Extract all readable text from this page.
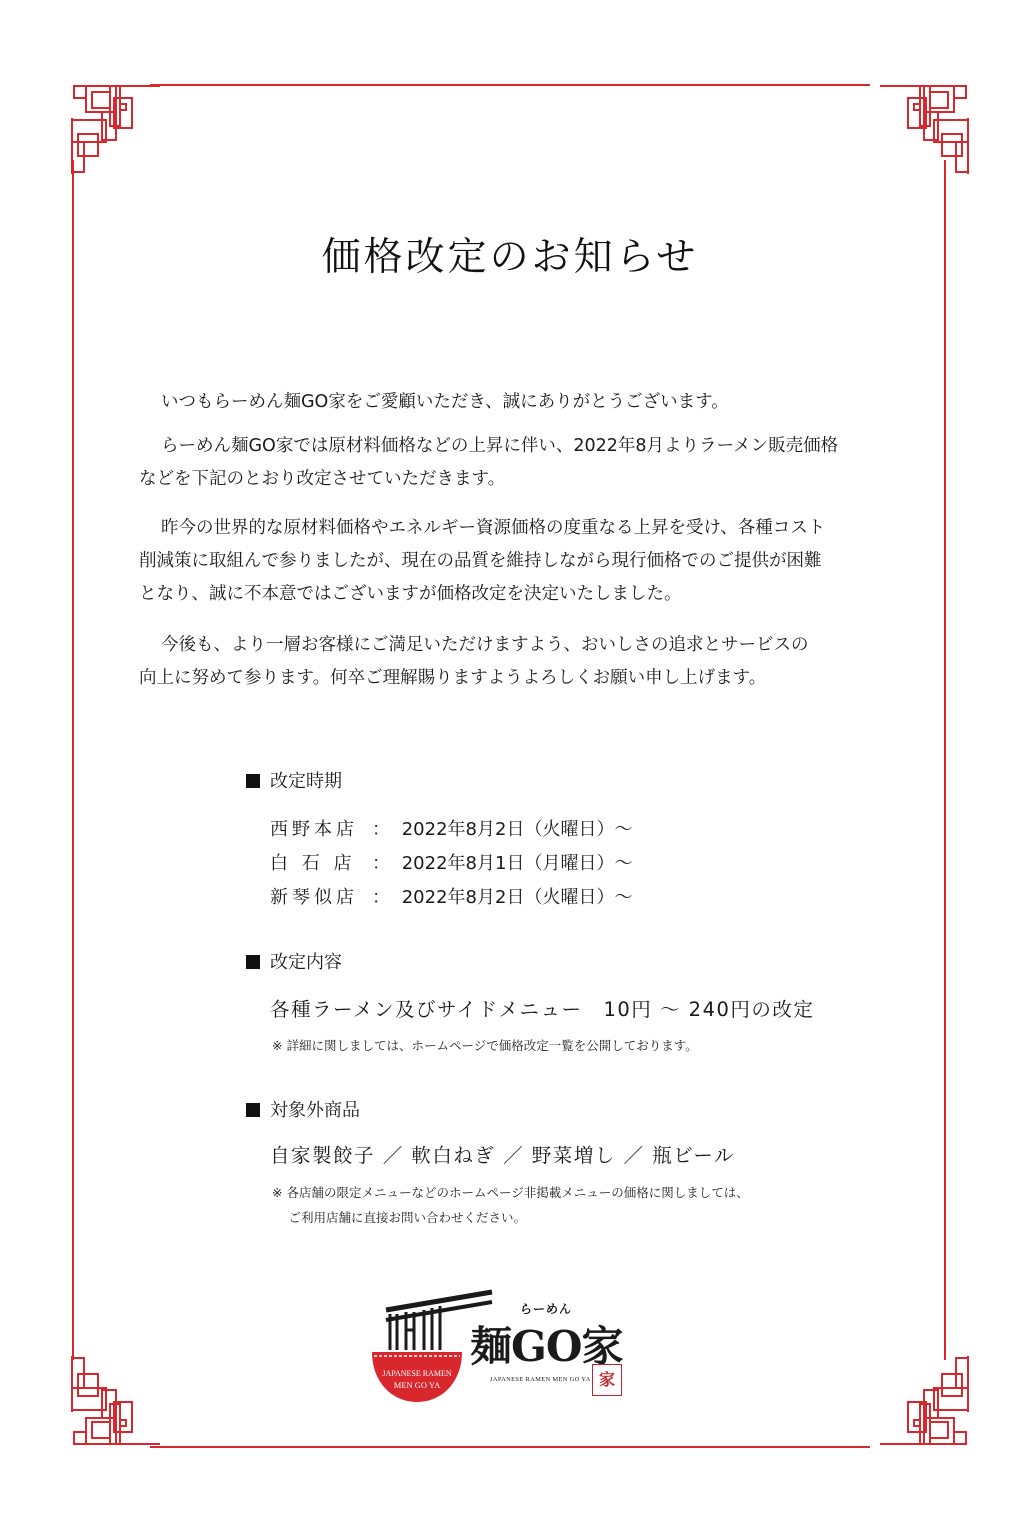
価格改定のお知らせ
いつもらーめん麺GO家をご愛顧いただき、誠にありがとうございます。
らーめん麺GO家では原材料価格などの上昇に伴い、2022年8月よりラーメン販売価格
などを下記のとおり改定させていただきます。
昨今の世界的な原材料価格やエネルギー資源価格の度重なる上昇を受け、各種コスト
削減策に取組んで参りましたが、現在の品質を維持しながら現行価格でのご提供が困難
となり、誠に不本意ではございますが価格改定を決定いたしました。
今後も、より一層お客様にご満足いただけますよう、おいしさの追求とサービスの
向上に努めて参ります。何卒ご理解賜りますようよろしくお願い申し上げます。
改定時期
西野本店 ： 2022年8月2日（火曜日）～
白 石 店 ： 2022年8月1日（月曜日）～
新琴似店 ： 2022年8月2日（火曜日）～
改定内容
各種ラーメン及びサイドメニュー　10円 ～ 240円の改定
※ 詳細に関しましては、ホームページで価格改定一覧を公開しております。
対象外商品
自家製餃子 ／ 軟白ねぎ ／ 野菜増し ／ 瓶ビール
※ 各店舗の限定メニューなどのホームページ非掲載メニューの価格に関しましては、
　 ご利用店舗に直接お問い合わせください。
JAPANESE RAMEN
MEN GO YA
らーめん
麺GO家
JAPANESE RAMEN MEN GO YA 家
